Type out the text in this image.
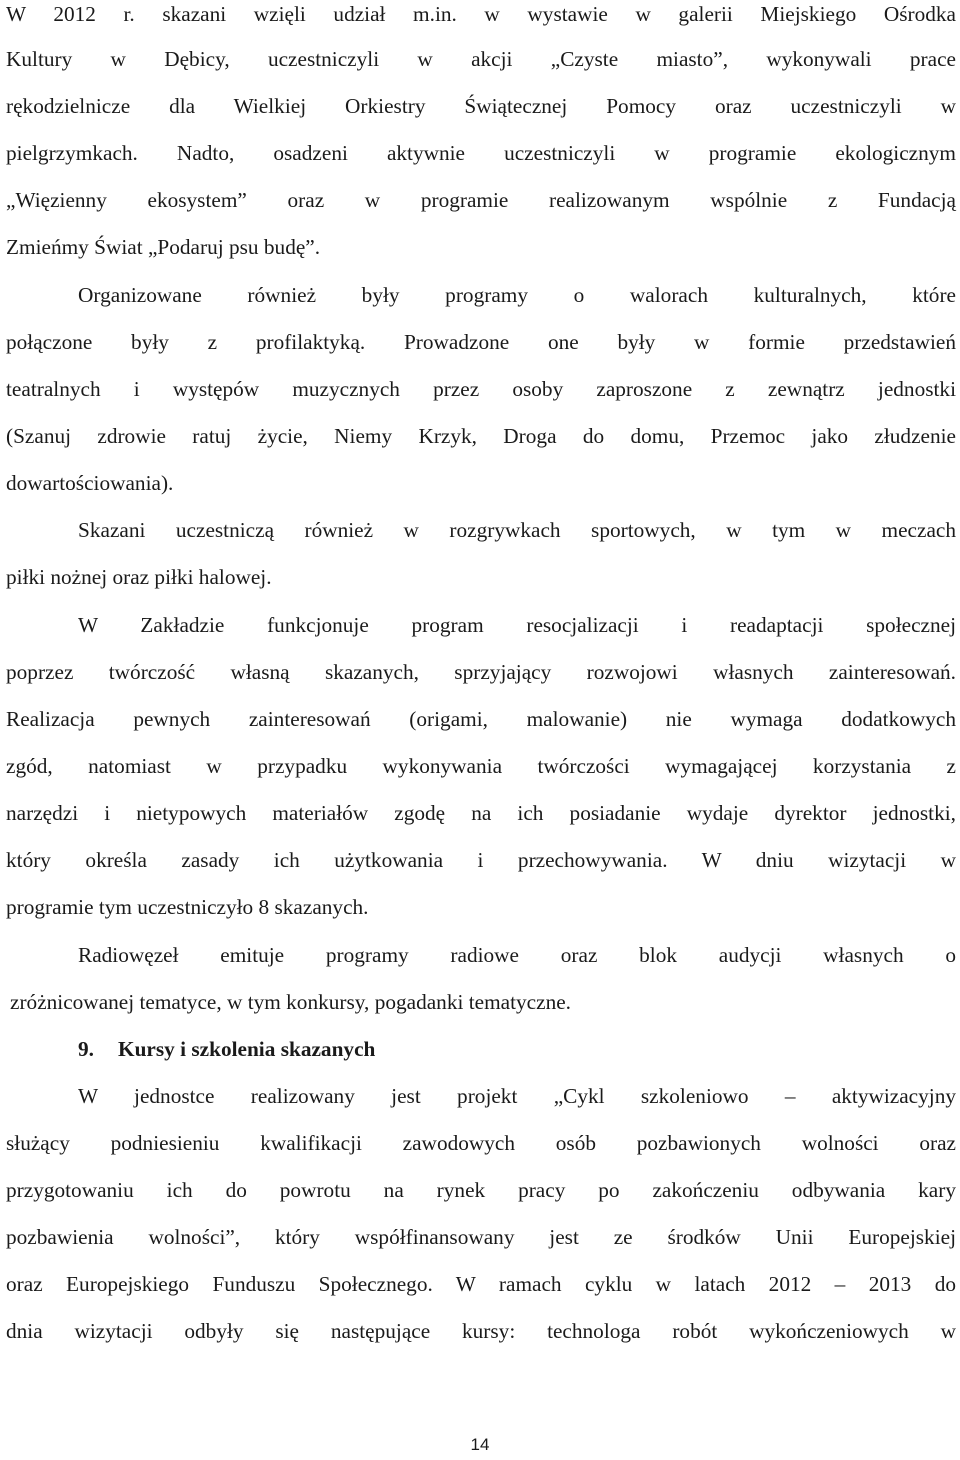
W 2012 r. skazani wzięli udział m.in. w wystawie w galerii Miejskiego Ośrodka
Kultury w Dębicy, uczestniczyli w akcji „Czyste miasto”, wykonywali prace
rękodzielnicze dla Wielkiej Orkiestry Świątecznej Pomocy oraz uczestniczyli w
pielgrzymkach. Nadto, osadzeni aktywnie uczestniczyli w programie ekologicznym
„Więzienny ekosystem” oraz w programie realizowanym wspólnie z Fundacją
Zmieńmy Świat „Podaruj psu budę”.
Organizowane również były programy o walorach kulturalnych, które
połączone były z profilaktyką. Prowadzone one były w formie przedstawień
teatralnych i występów muzycznych przez osoby zaproszone z zewnątrz jednostki
(Szanuj zdrowie ratuj życie, Niemy Krzyk, Droga do domu, Przemoc jako złudzenie
dowartościowania).
Skazani uczestniczą również w rozgrywkach sportowych, w tym w meczach
piłki nożnej oraz piłki halowej.
W Zakładzie funkcjonuje program resocjalizacji i readaptacji społecznej
poprzez twórczość własną skazanych, sprzyjający rozwojowi własnych zainteresowań.
Realizacja pewnych zainteresowań (origami, malowanie) nie wymaga dodatkowych
zgód, natomiast w przypadku wykonywania twórczości wymagającej korzystania z
narzędzi i nietypowych materiałów zgodę na ich posiadanie wydaje dyrektor jednostki,
który określa zasady ich użytkowania i przechowywania. W dniu wizytacji w
programie tym uczestniczyło 8 skazanych.
Radiowęzeł emituje programy radiowe oraz blok audycji własnych o
zróżnicowanej tematyce, w tym konkursy, pogadanki tematyczne.
9. Kursy i szkolenia skazanych
W jednostce realizowany jest projekt „Cykl szkoleniowo – aktywizacyjny
służący podniesieniu kwalifikacji zawodowych osób pozbawionych wolności oraz
przygotowaniu ich do powrotu na rynek pracy po zakończeniu odbywania kary
pozbawienia wolności”, który współfinansowany jest ze środków Unii Europejskiej
oraz Europejskiego Funduszu Społecznego. W ramach cyklu w latach 2012 – 2013 do
dnia wizytacji odbyły się następujące kursy: technologa robót wykończeniowych w
14
